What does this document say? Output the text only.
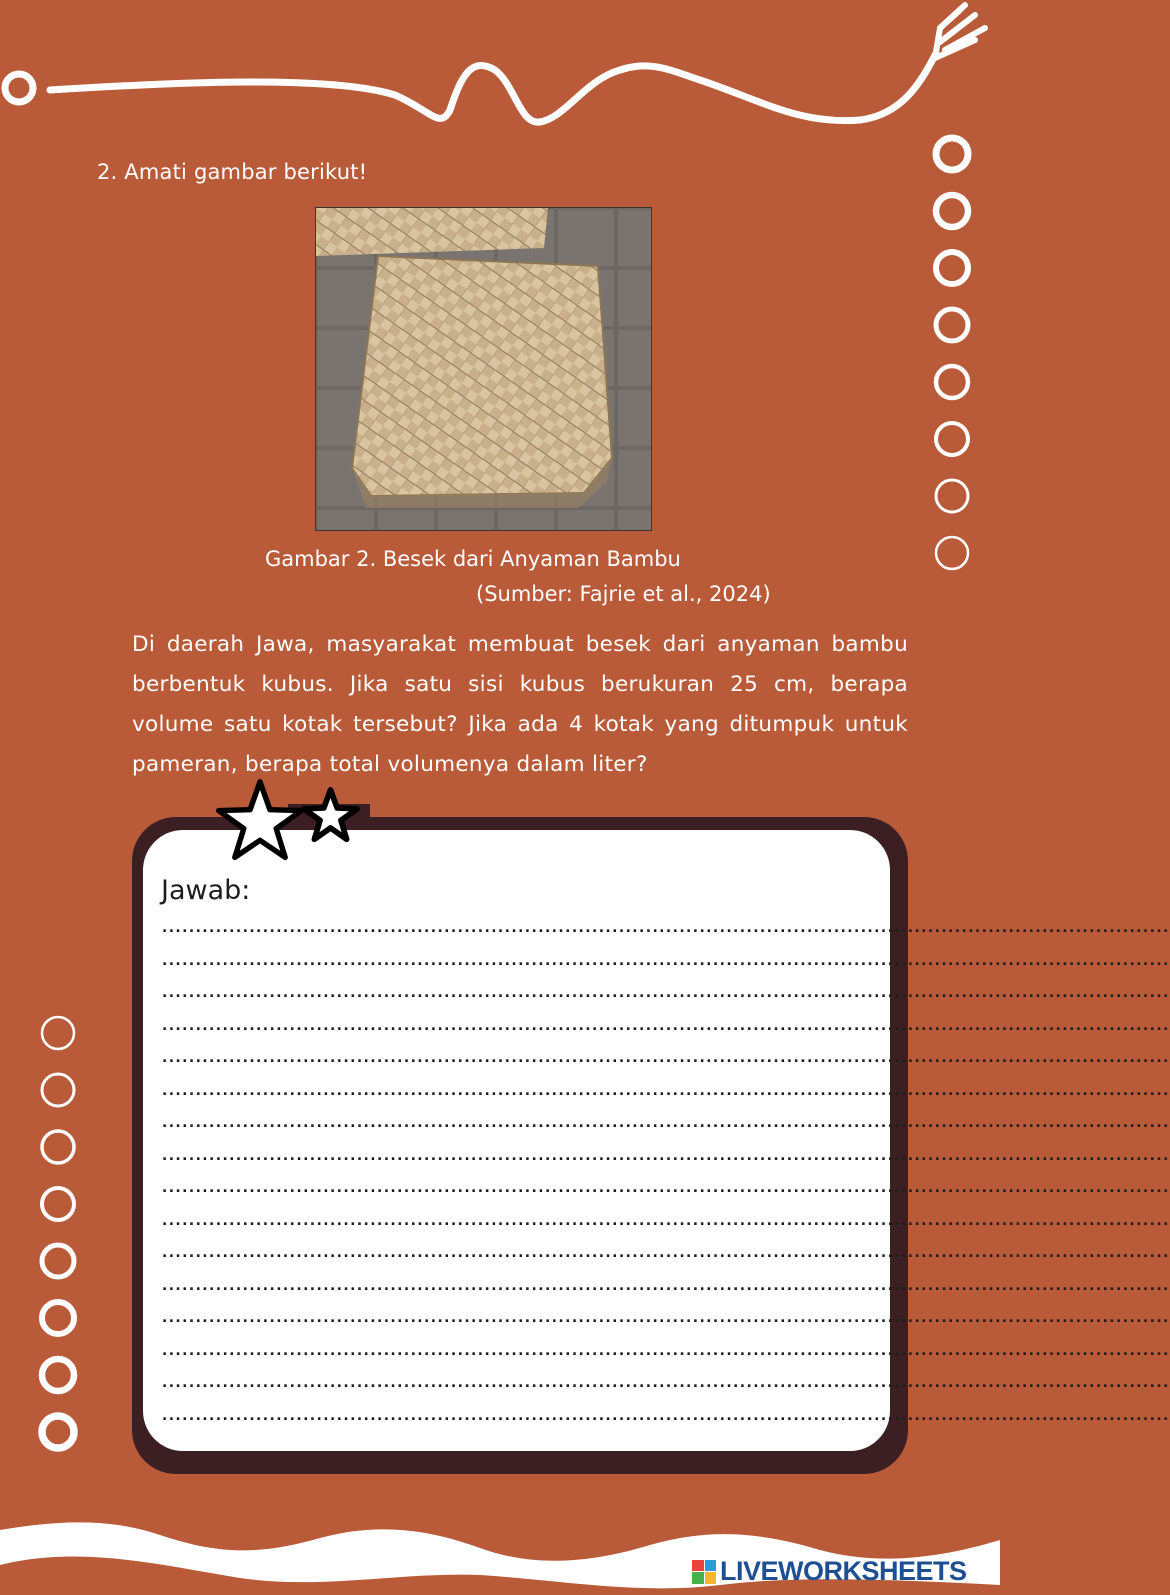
2. Amati gambar berikut!
Gambar 2. Besek dari Anyaman Bambu
(Sumber: Fajrie et al., 2024)
Di daerah Jawa, masyarakat membuat besek dari anyaman bambu berbentuk kubus. Jika satu sisi kubus berukuran 25 cm, berapa volume satu kotak tersebut? Jika ada 4 kotak yang ditumpuk untuk pameran, berapa total volumenya dalam liter?
Jawab:
......................................................................................................................................................
......................................................................................................................................................
......................................................................................................................................................
......................................................................................................................................................
......................................................................................................................................................
......................................................................................................................................................
......................................................................................................................................................
......................................................................................................................................................
......................................................................................................................................................
......................................................................................................................................................
......................................................................................................................................................
......................................................................................................................................................
......................................................................................................................................................
......................................................................................................................................................
......................................................................................................................................................
......................................................................................................................................................
LIVEWORKSHEETS
